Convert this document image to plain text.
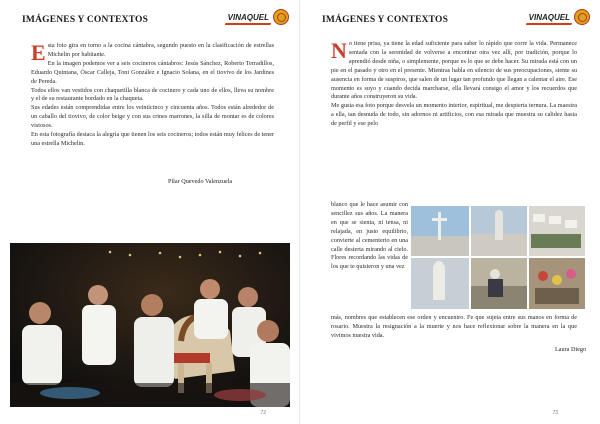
IMÁGENES Y CONTEXTOS	VINAQUEL

Esta foto gira en torno a la cocina cántabra, segundo puesto en la clasificación de estrellas Michelin por habitante.

En la imagen podemos ver a seis cocineros cántabros: Jesús Sánchez, Roberto Terradillos, Eduardo Quintana, Óscar Calleja, Toni González e Ignacio Solana, en el tiovivo de los Jardines de Pereda.

Todos ellos van vestidos con chaquetilla blanca de cocinero y cada uno de ellos, lleva su nombre y el de su restaurante bordado en la chaqueta.

Sus edades están comprendidas entre los veinticinco y cincuenta años. Todos están alrededor de un caballo del tiovivo, de color beige y con sus crines marrones, la silla de montar es de colores vistosos.

En esta fotografía destaca la alegría que tienen los seis cocineros; todos están muy felices de tener una estrella Michelin.

Pilar Quevedo Valenzuela
72
IMÁGENES Y CONTEXTOS	VINAQUEL

No tiene prisa, ya tiene la edad suficiente para saber lo rápido que corre la vida. Permanece sentada con la serenidad de volverse a encontrar otra vez allí, por tradición, porque lo aprendió desde niña, o simplemente, porque es lo que se debe hacer. Su mirada está con un pie en el pasado y otro en el presente. Mientras habla en silencio de sus preocupaciones, siente su ausencia en forma de suspiros, que salen de un lugar tan profundo que llegan a calentar el aire. Ese momento es suyo y cuando decida marcharse, ella llevará consigo el amor y los recuerdos que durante años construyeron su vida.

Me gusta esa foto porque desvela un momento interior, espiritual, me despierta ternura. La maestra a ella, tan desnuda de todo, sin adornos ni artificios, con esa mirada que muestra su calidez hasta de perfil y ese pelo

blanco que le hace asumir con sencillez sus años. La manera en que se sienta, ni tensa, ni relajada, en justo equilibrio, convierte al cementerio en una calle desierta mirando al cielo. Flores recordando las vidas de los que te quisieron y una vez
más, nombres que establecen ese orden y encuentro. Fe que sujeta entre sus manos en forma de rosario. Muestra la resignación a la muerte y nos hace reflexionar sobre la manera en la que vivimos nuestra vida.
Laura Diego
73
